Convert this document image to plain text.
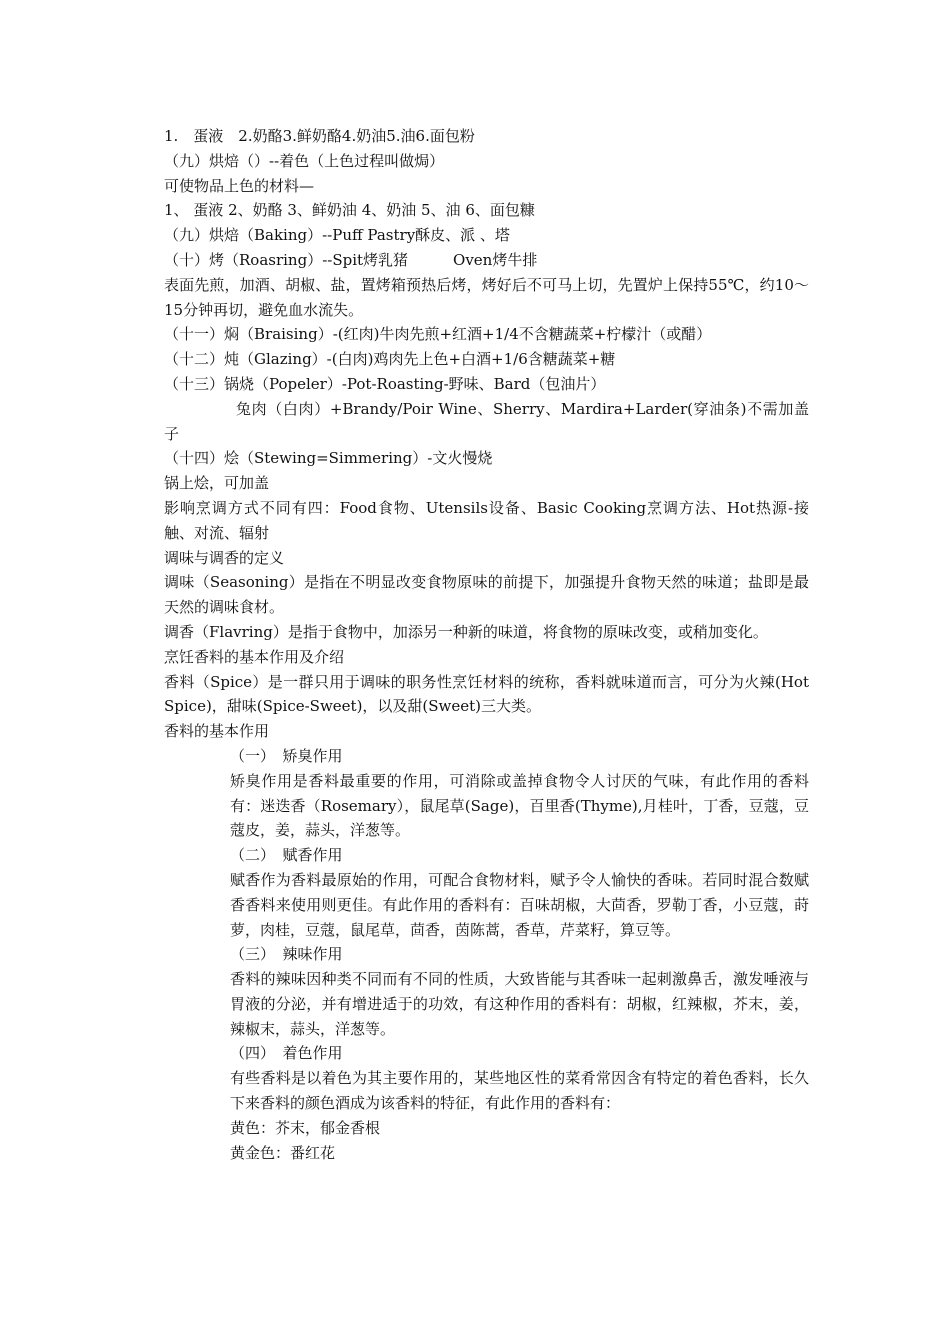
1.　蛋液　2.奶酪3.鲜奶酪4.奶油5.油6.面包粉

（九）烘焙（）--着色（上色过程叫做焗）

可使物品上色的材料—

1、 蛋液 2、奶酪 3、鲜奶油 4、奶油 5、油 6、面包糠

（九）烘焙（Baking）--Puff Pastry酥皮、派 、塔

（十）烤（Roasring）--Spit烤乳猪　　　Oven烤牛排

表面先煎，加酒、胡椒、盐，置烤箱预热后烤，烤好后不可马上切，先置炉上保持55℃，约10～15分钟再切，避免血水流失。

（十一）焖（Braising）-(红肉)牛肉先煎+红酒+1/4不含糖蔬菜+柠檬汁（或醋）

（十二）炖（Glazing）-(白肉)鸡肉先上色+白酒+1/6含糖蔬菜+糖

（十三）锅烧（Popeler）-Pot-Roasting-野味、Bard（包油片）

兔肉（白肉）+Brandy/Poir Wine、Sherry、Mardira+Larder(穿油条)不需加盖子

（十四）烩（Stewing=Simmering）-文火慢烧

锅上烩，可加盖

影响烹调方式不同有四：Food食物、Utensils设备、Basic Cooking烹调方法、Hot热源-接触、对流、辐射

调味与调香的定义

调味（Seasoning）是指在不明显改变食物原味的前提下，加强提升食物天然的味道；盐即是最天然的调味食材。

调香（Flavring）是指于食物中，加添另一种新的味道，将食物的原味改变，或稍加变化。

烹饪香料的基本作用及介绍

香料（Spice）是一群只用于调味的职务性烹饪材料的统称，香料就味道而言，可分为火辣(Hot Spice)，甜味(Spice-Sweet)，以及甜(Sweet)三大类。

香料的基本作用

（一）　矫臭作用

矫臭作用是香料最重要的作用，可消除或盖掉食物令人讨厌的气味，有此作用的香料有：迷迭香（Rosemary），鼠尾草(Sage)，百里香(Thyme),月桂叶，丁香，豆蔻，豆蔻皮，姜，蒜头，洋葱等。

（二）　赋香作用

赋香作为香料最原始的作用，可配合食物材料，赋予令人愉快的香味。若同时混合数赋香香料来使用则更佳。有此作用的香料有：百味胡椒，大茴香，罗勒丁香，小豆蔻，莳萝，肉桂，豆蔻，鼠尾草，茴香，茵陈蒿，香草，芹菜籽，算豆等。

（三）　辣味作用

香料的辣味因种类不同而有不同的性质，大致皆能与其香味一起刺激鼻舌，激发唾液与胃液的分泌，并有增进适于的功效，有这种作用的香料有：胡椒，红辣椒，芥末，姜，辣椒末，蒜头，洋葱等。

（四）　着色作用

有些香料是以着色为其主要作用的，某些地区性的菜肴常因含有特定的着色香料，长久下来香料的颜色酒成为该香料的特征，有此作用的香料有：

黄色：芥末，郁金香根

黄金色：番红花
